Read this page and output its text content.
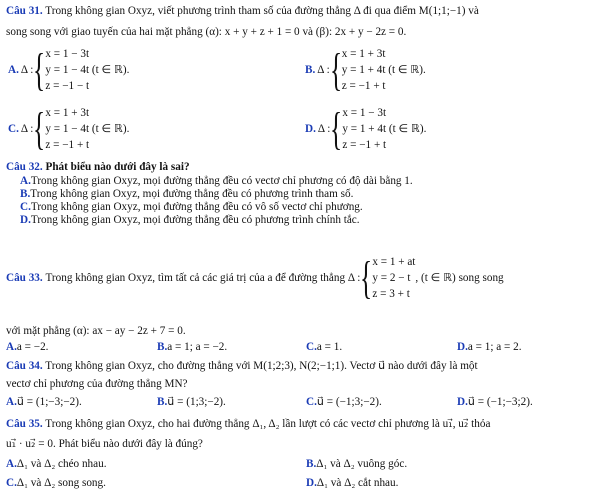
Câu 31. Trong không gian Oxyz, viết phương trình tham số của đường thẳng Δ đi qua điểm M(1;1;−1) và
song song với giao tuyến của hai mặt phẳng (α): x + y + z + 1 = 0 và (β): 2x + y − 2z = 0.
A. Δ : { x = 1 − 3t
y = 1 − 4t
(t ∈ ℝ).
z = −1 − t
B. Δ : { x = 1 + 3t
y = 1 + 4t
(t ∈ ℝ).
z = −1 + t
C. Δ : { x = 1 + 3t
y = 1 − 4t
(t ∈ ℝ).
z = −1 + t
D. Δ : { x = 1 − 3t
y = 1 + 4t
(t ∈ ℝ).
z = −1 + t
Câu 32. Phát biểu nào dưới đây là sai?
A.Trong không gian Oxyz, mọi đường thẳng đều có vectơ chỉ phương có độ dài bằng 1.
B.Trong không gian Oxyz, mọi đường thẳng đều có phương trình tham số.
C.Trong không gian Oxyz, mọi đường thẳng đều có vô số vectơ chỉ phương.
D.Trong không gian Oxyz, mọi đường thẳng đều có phương trình chính tắc.
Câu 33.
Trong không gian Oxyz, tìm tất cả các giá trị của a để đường thẳng Δ : { x = 1 + at
y = 2 − t
z = 3 + t
, (t ∈ ℝ) song song
với mặt phẳng (α): ax − ay − 2z + 7 = 0.
A.a = −2.	B.a = 1; a = −2.	C.a = 1.	D.a = 1; a = 2.
Câu 34. Trong không gian Oxyz, cho đường thẳng với M(1;2;3), N(2;−1;1). Vectơ u⃗ nào dưới đây là một
vectơ chỉ phương của đường thẳng MN?
A.u⃗ = (1;−3;−2).	B.u⃗ = (1;3;−2).	C.u⃗ = (−1;3;−2).	D.u⃗ = (−1;−3;2).
Câu 35. Trong không gian Oxyz, cho hai đường thẳng Δ₁, Δ₂ lần lượt có các vectơ chỉ phương là u₁⃗, u₂⃗ thỏa
u₁⃗ · u₂⃗ = 0. Phát biểu nào dưới đây là đúng?
A.Δ₁ và Δ₂ chéo nhau.	B.Δ₁ và Δ₂ vuông góc.
C.Δ₁ và Δ₂ song song.	D.Δ₁ và Δ₂ cắt nhau.
